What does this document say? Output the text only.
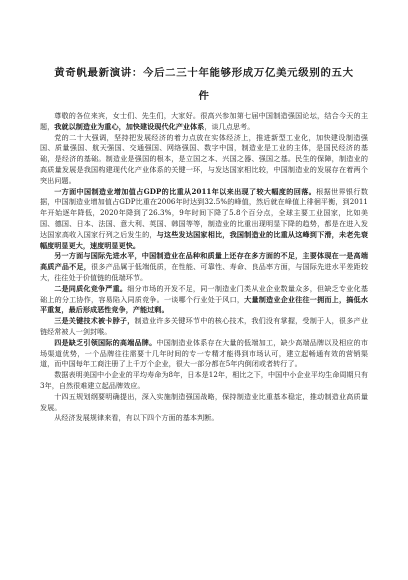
黄奇帆最新演讲：今后二三十年能够形成万亿美元级别的五大件

尊敬的各位来宾，女士们、先生们，大家好。很高兴参加第七届中国制造强国论坛，结合今天的主题，我就以制造业为重心，加快建设现代化产业体系，谈几点思考。

党的二十大强调，坚持把发展经济的着力点放在实体经济上，推进新型工业化，加快建设制造强国、质量强国、航天强国、交通强国、网络强国、数字中国，制造业是工业的主体，是国民经济的基础，是经济的基础。制造业是强国的根本，是立国之本、兴国之器、强国之基。民生的保障，制造业的高质量发展是我国构建现代化产业体系的关键一环，与发达国家相比较，中国制造业的发展存在着两个突出问题。

一方面中国制造业增加值占GDP的比重从2011年以来出现了较大幅度的回落。根据世界银行数据，中国制造业增加值占GDP比重在2006年时达到32.5%的峰值，然后就在峰值上徘徊平衡，到2011年开始逐年降低，2020年降到了26.3%，9年时间下降了5.8个百分点，全球主要工业国家，比如美国、德国、日本、法国、意大利、英国、韩国等等，制造业的比重出现明显下降的趋势，都是在进入发达国家高收入国家行列之后发生的，与这些发达国家相比，我国制造业的比重从这峰到下滑，未老先衰幅度明显更大，速度明显更快。

另一方面与国际先进水平，中国制造业在品种和质量上还存在多方面的不足，主要体现在一是高端高质产品不足，很多产品属于低端低质，在性能、可靠性、寿命、良品率方面，与国际先进水平差距较大，往往处于价值链的低端环节。

二是同质化竞争严重。细分市场的开发不足，同一制造业门类从业企业数量众多，但缺乏专业化基础上的分工协作，容易陷入同质竞争。一谈哪个行业处于风口，大量制造业企业往往一拥而上，搞低水平重复，最后形成恶性竞争，产能过剩。

三是关键技术被卡脖子，制造业许多关键环节中的核心技术，我们没有掌握，受制于人，很多产业链经常被人一剑封喉。

四是缺乏引领国际的高端品牌。中国制造业体系存在大量的低端加工，缺少高端品牌以及相应的市场渠道优势，一个品牌往往需要十几年时间的专一专精才能得到市场认可，建立起畅通有效的营销渠道，而中国每年工商注册了上千万个企业，很大一部分都在5年内倒闭或者转行了。

数据表明美国中小企业的平均寿命为8年，日本是12年，相比之下，中国中小企业平均生命周期只有3年，自然很难建立起品牌效应。

十四五规划纲要明确提出，深入实施制造强国战略，保持制造业比重基本稳定，推动制造业高质量发展。

从经济发展规律来看，有以下四个方面的基本判断。
